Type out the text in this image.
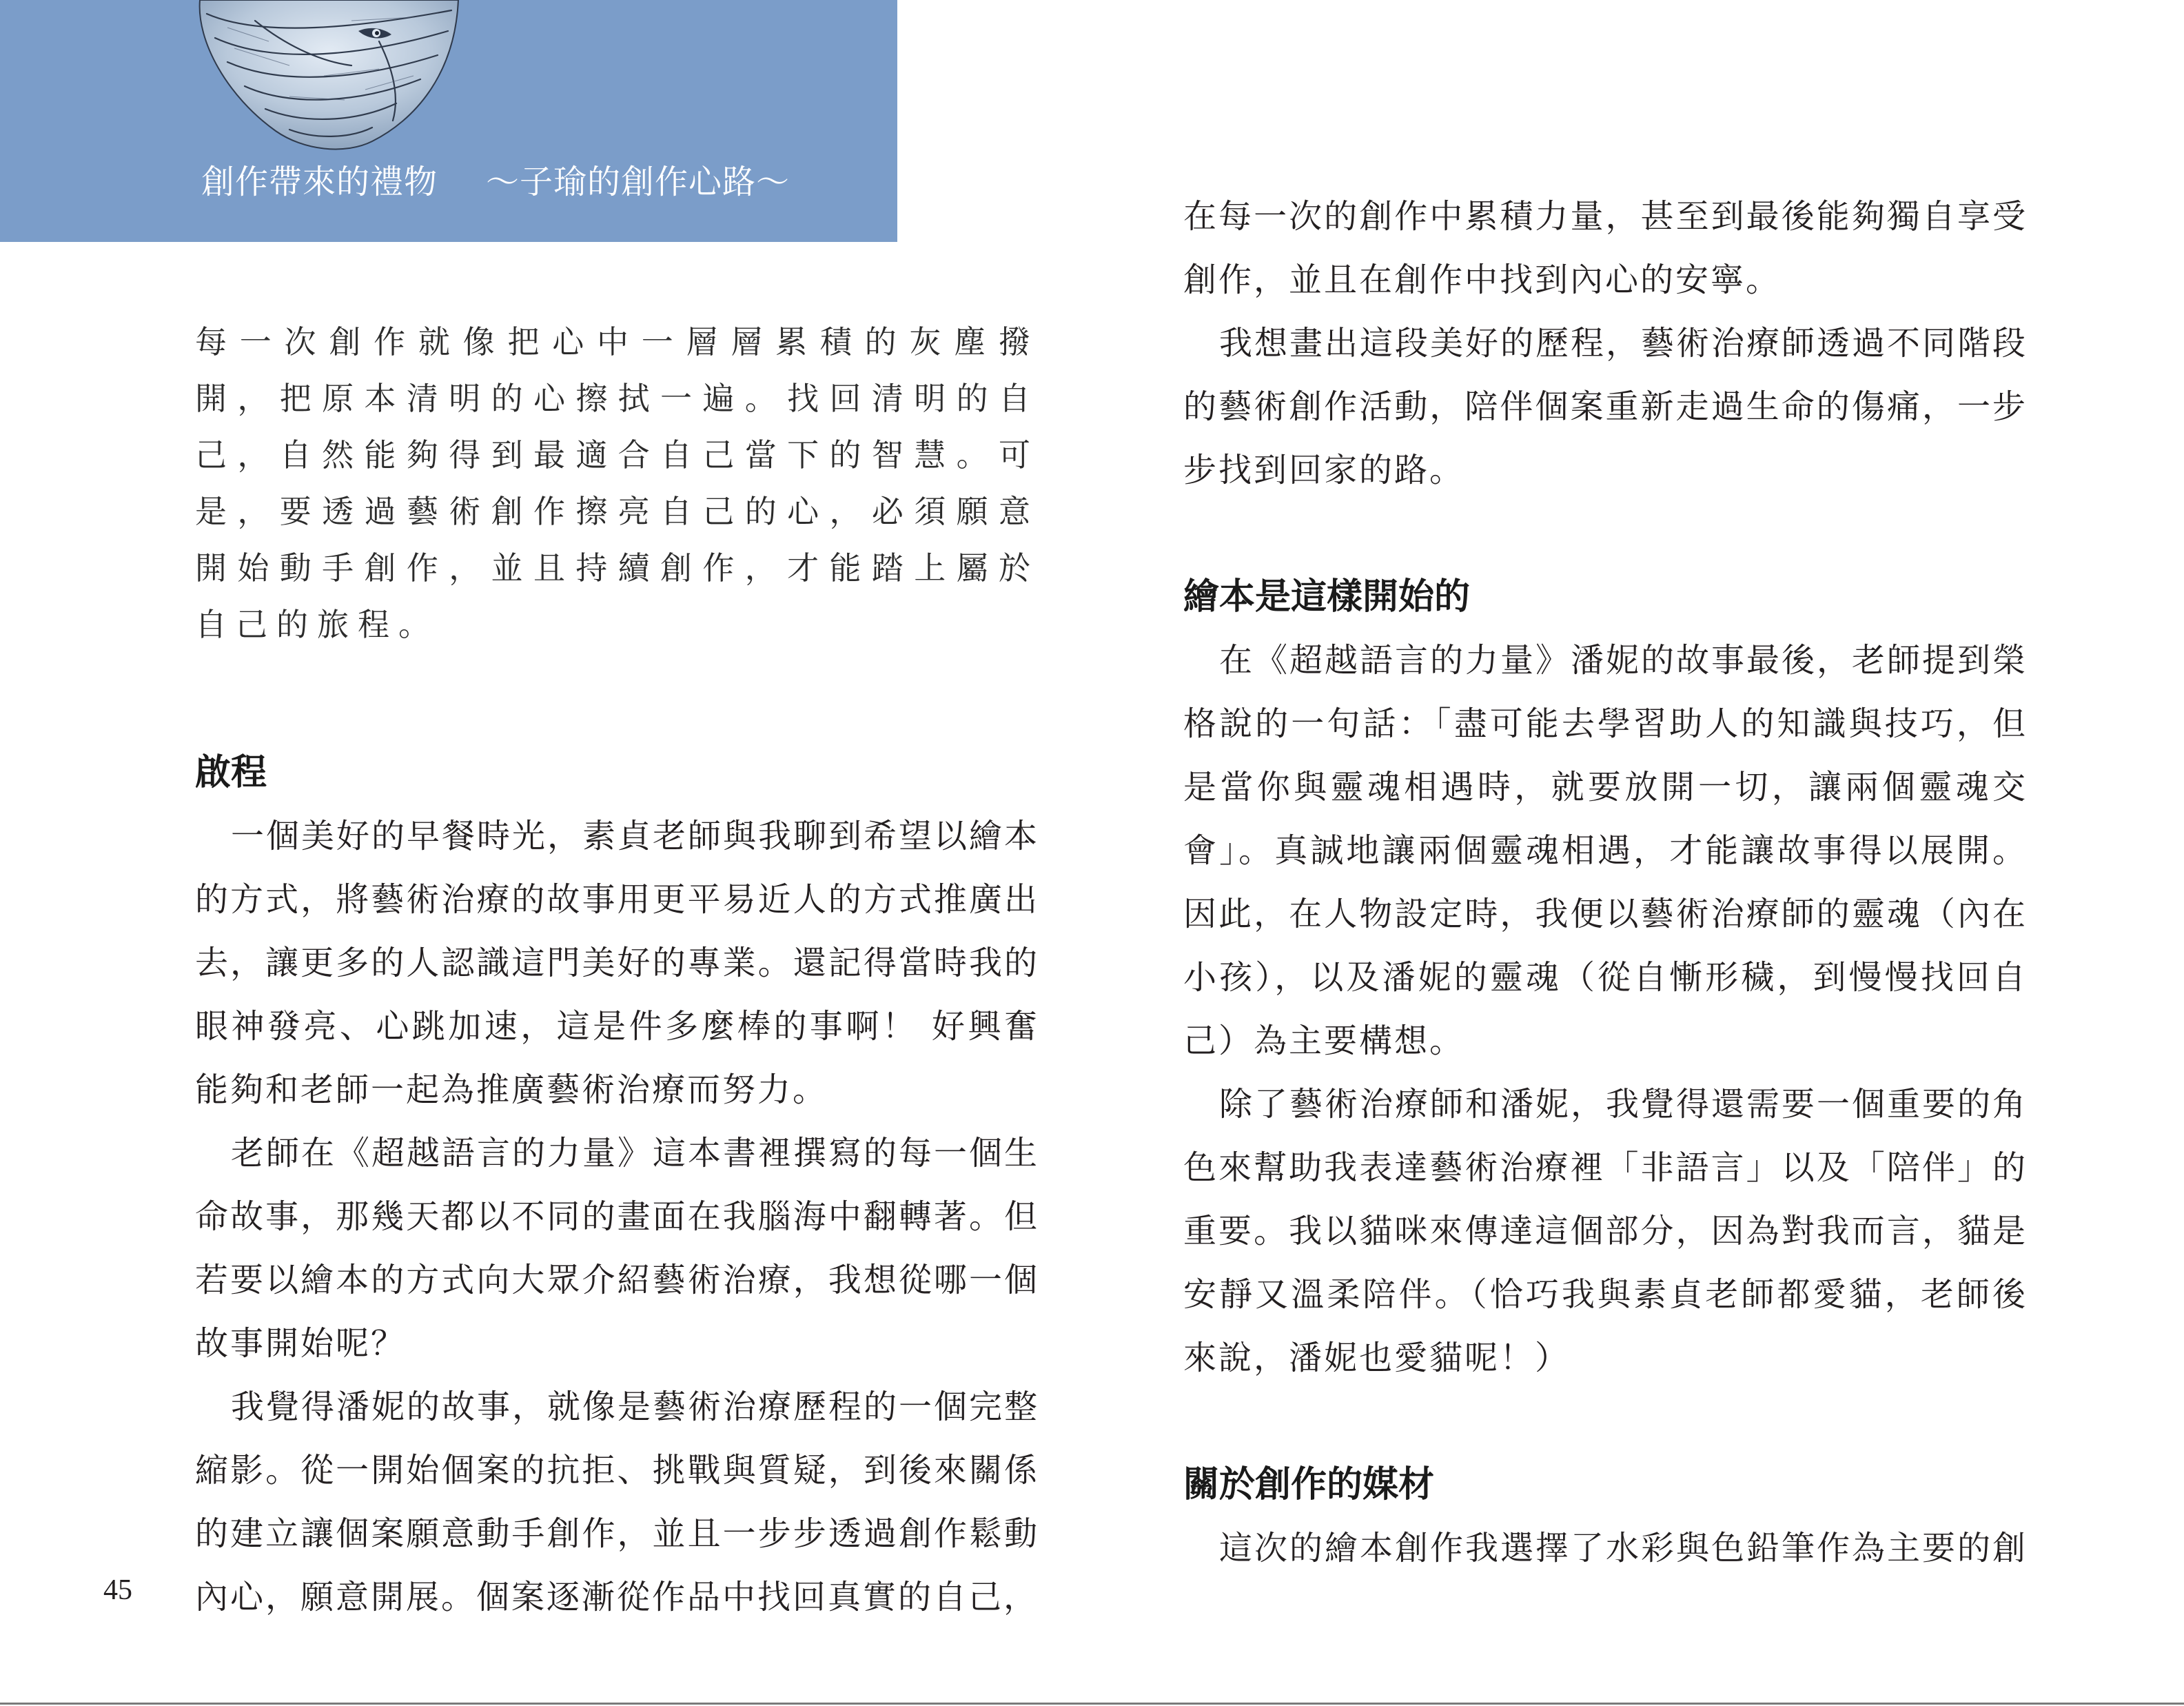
創作帶來的禮物 ～子瑜的創作心路～

每一次創作就像把心中一層層累積的灰塵撥開，把原本清明的心擦拭一遍。找回清明的自己，自然能夠得到最適合自己當下的智慧。可是，要透過藝術創作擦亮自己的心，必須願意開始動手創作，並且持續創作，才能踏上屬於自己的旅程。

啟程

一個美好的早餐時光，素貞老師與我聊到希望以繪本的方式，將藝術治療的故事用更平易近人的方式推廣出去，讓更多的人認識這門美好的專業。還記得當時我的眼神發亮、心跳加速，這是件多麼棒的事啊！ 好興奮能夠和老師一起為推廣藝術治療而努力。

老師在《超越語言的力量》這本書裡撰寫的每一個生命故事，那幾天都以不同的畫面在我腦海中翻轉著。但若要以繪本的方式向大眾介紹藝術治療，我想從哪一個故事開始呢？

我覺得潘妮的故事，就像是藝術治療歷程的一個完整縮影。從一開始個案的抗拒、挑戰與質疑，到後來關係的建立讓個案願意動手創作，並且一步步透過創作鬆動內心，願意開展。個案逐漸從作品中找回真實的自己，

在每一次的創作中累積力量，甚至到最後能夠獨自享受創作，並且在創作中找到內心的安寧。

我想畫出這段美好的歷程，藝術治療師透過不同階段的藝術創作活動，陪伴個案重新走過生命的傷痛，一步步找到回家的路。

繪本是這樣開始的

在《超越語言的力量》潘妮的故事最後，老師提到榮格說的一句話：「盡可能去學習助人的知識與技巧，但是當你與靈魂相遇時，就要放開一切，讓兩個靈魂交會」。真誠地讓兩個靈魂相遇，才能讓故事得以展開。因此，在人物設定時，我便以藝術治療師的靈魂（內在小孩），以及潘妮的靈魂（從自慚形穢，到慢慢找回自己）為主要構想。

除了藝術治療師和潘妮，我覺得還需要一個重要的角色來幫助我表達藝術治療裡「非語言」以及「陪伴」的重要。我以貓咪來傳達這個部分，因為對我而言，貓是安靜又溫柔陪伴。（恰巧我與素貞老師都愛貓，老師後來說，潘妮也愛貓呢！）

關於創作的媒材

這次的繪本創作我選擇了水彩與色鉛筆作為主要的創

45
